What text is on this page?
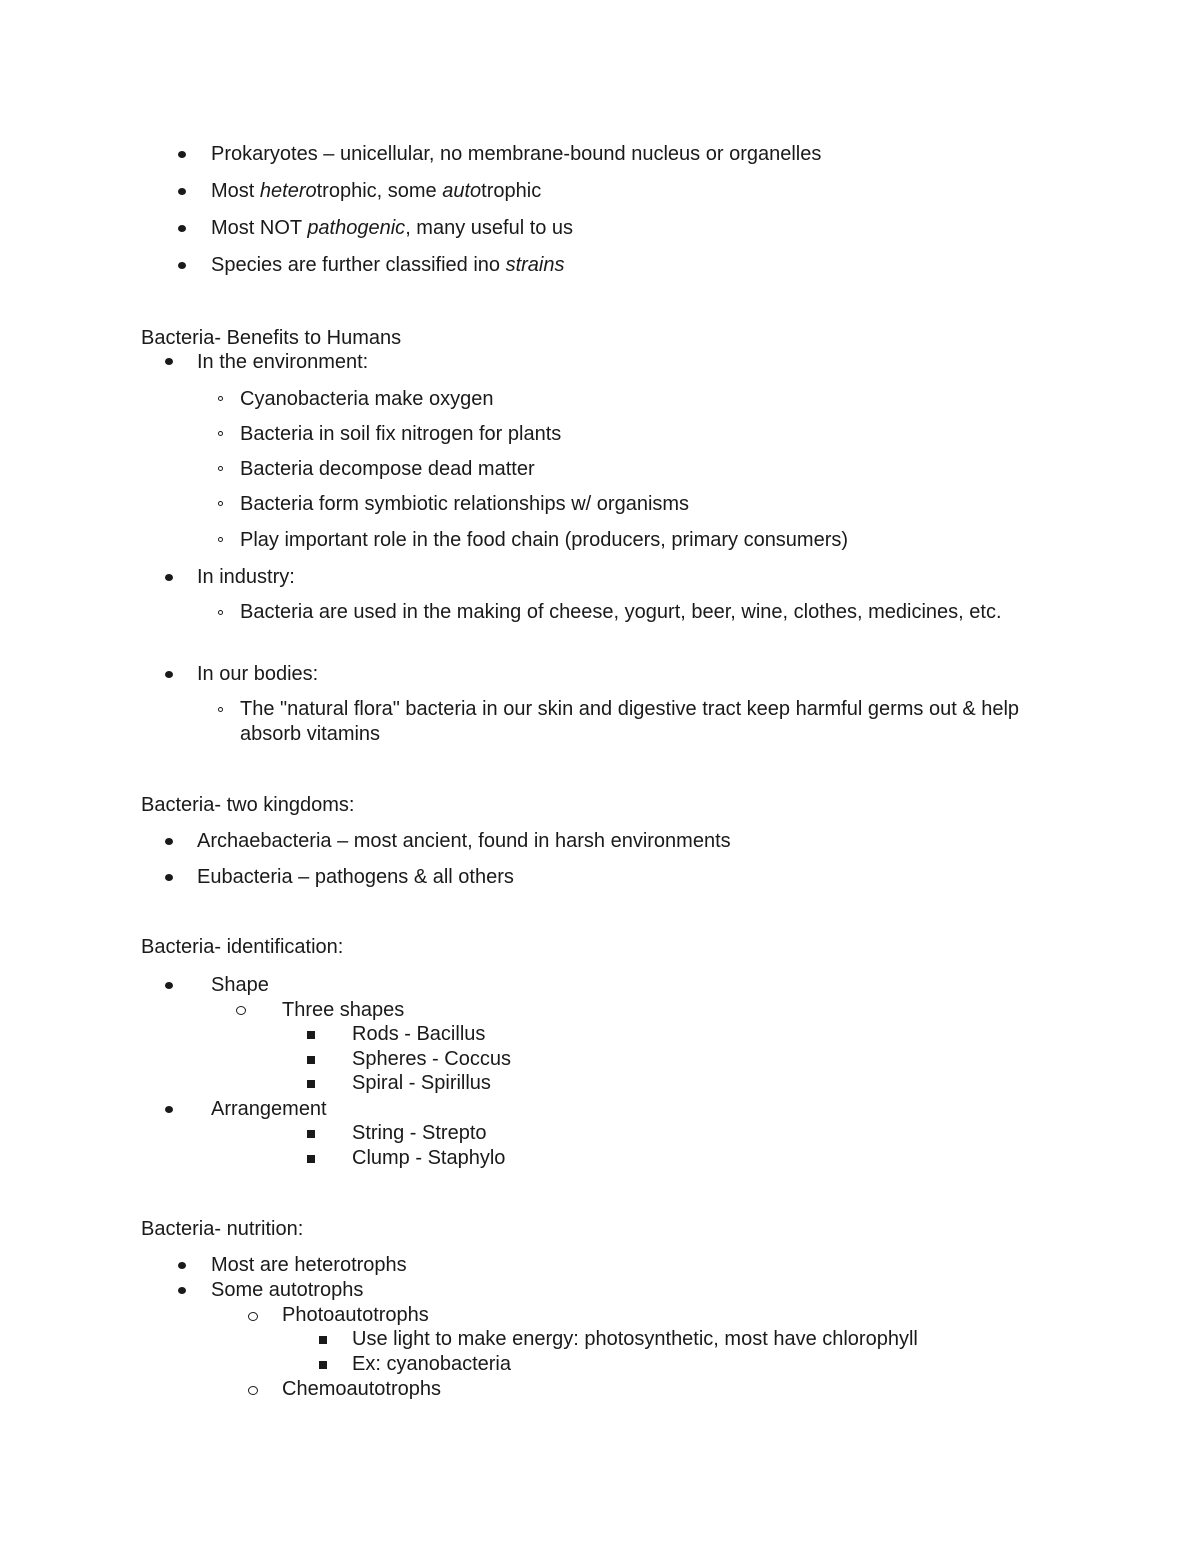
Prokaryotes – unicellular, no membrane-bound nucleus or organelles
Most heterotrophic, some autotrophic
Most NOT pathogenic, many useful to us
Species are further classified ino strains
Bacteria- Benefits to Humans
In the environment:
Cyanobacteria make oxygen
Bacteria in soil fix nitrogen for plants
Bacteria decompose dead matter
Bacteria form symbiotic relationships w/ organisms
Play important role in the food chain (producers, primary consumers)
In industry:
Bacteria are used in the making of cheese, yogurt, beer, wine, clothes, medicines, etc.
In our bodies:
The "natural flora" bacteria in our skin and digestive tract keep harmful germs out & help absorb vitamins
Bacteria- two kingdoms:
Archaebacteria – most ancient, found in harsh environments
Eubacteria – pathogens & all others
Bacteria- identification:
Shape
Three shapes
Rods - Bacillus
Spheres - Coccus
Spiral - Spirillus
Arrangement
String - Strepto
Clump - Staphylo
Bacteria- nutrition:
Most are heterotrophs
Some autotrophs
Photoautotrophs
Use light to make energy: photosynthetic, most have chlorophyll
Ex: cyanobacteria
Chemoautotrophs
